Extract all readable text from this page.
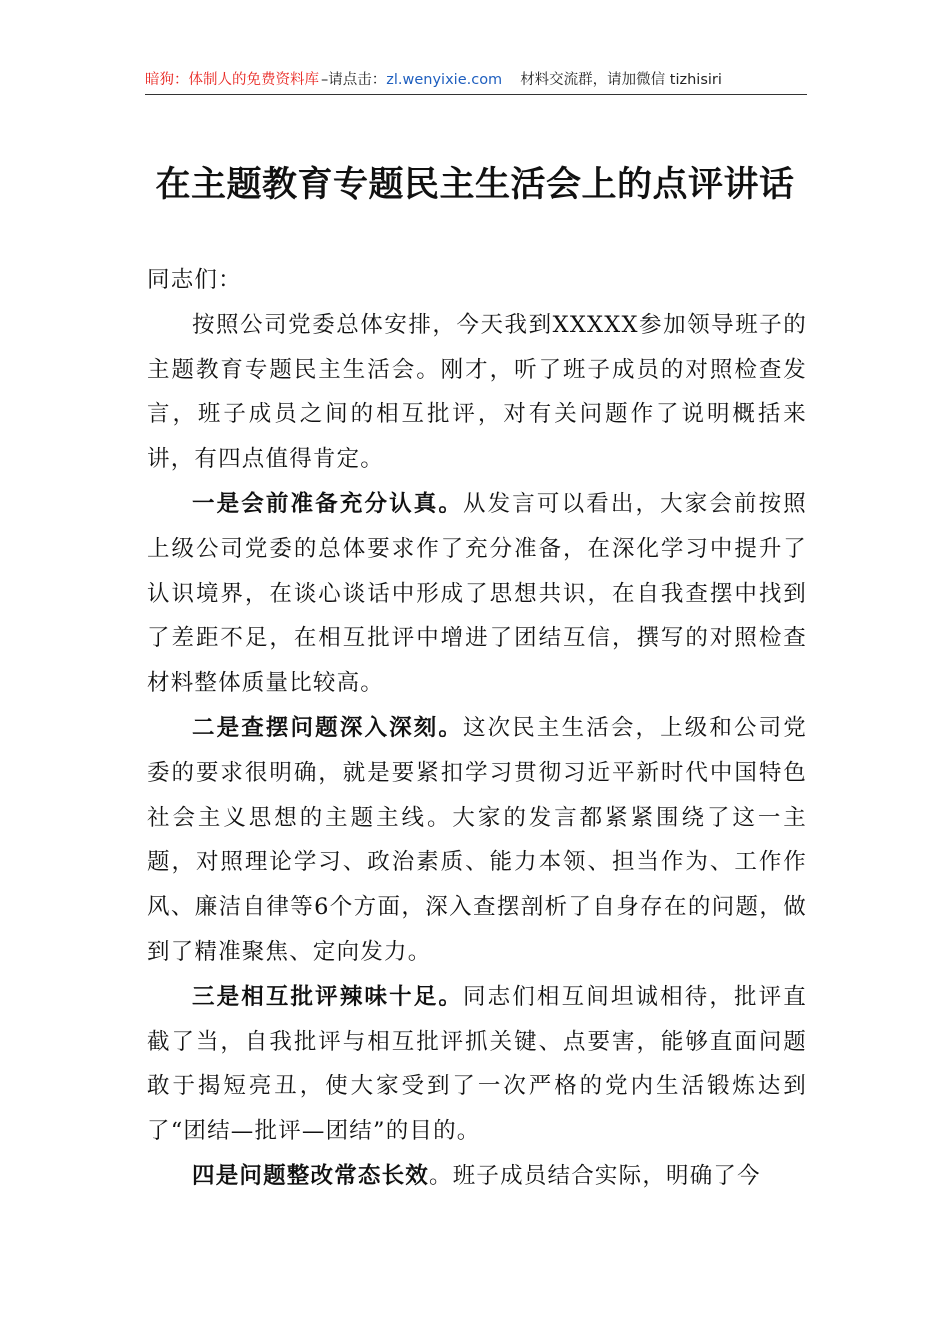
暗狗：体制人的免费资料库 –请点击：zl.wenyixie.com 材料交流群，请加微信 tizhisiri
在主题教育专题民主生活会上的点评讲话

同志们：

按照公司党委总体安排，今天我到XXXXX参加领导班子的主题教育专题民主生活会。刚才，听了班子成员的对照检查发言，班子成员之间的相互批评，对有关问题作了说明概括来讲，有四点值得肯定。

一是会前准备充分认真。从发言可以看出，大家会前按照上级公司党委的总体要求作了充分准备，在深化学习中提升了认识境界，在谈心谈话中形成了思想共识，在自我查摆中找到了差距不足，在相互批评中增进了团结互信，撰写的对照检查材料整体质量比较高。

二是查摆问题深入深刻。这次民主生活会，上级和公司党委的要求很明确，就是要紧扣学习贯彻习近平新时代中国特色社会主义思想的主题主线。大家的发言都紧紧围绕了这一主题，对照理论学习、政治素质、能力本领、担当作为、工作作风、廉洁自律等6个方面，深入查摆剖析了自身存在的问题，做到了精准聚焦、定向发力。

三是相互批评辣味十足。同志们相互间坦诚相待，批评直截了当，自我批评与相互批评抓关键、点要害，能够直面问题敢于揭短亮丑，使大家受到了一次严格的党内生活锻炼达到了“团结—批评—团结”的目的。

四是问题整改常态长效。班子成员结合实际，明确了今
